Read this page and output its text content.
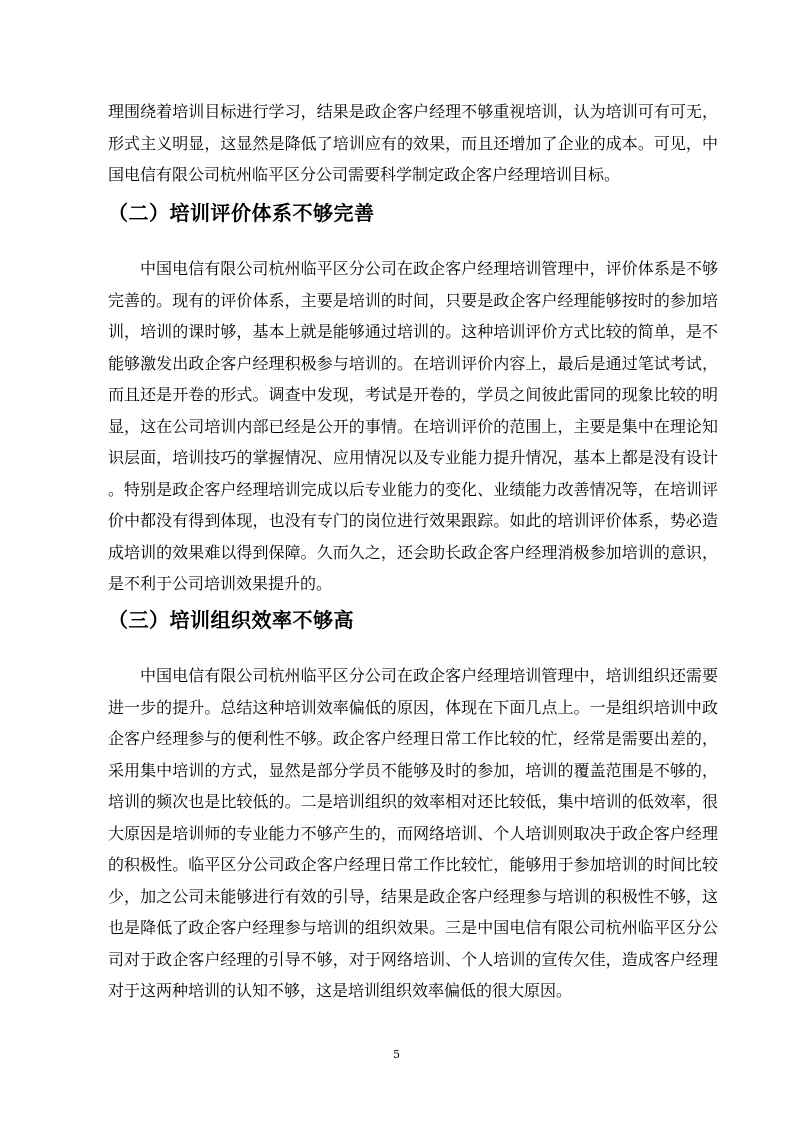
理围绕着培训目标进行学习，结果是政企客户经理不够重视培训，认为培训可有可无，形式主义明显，这显然是降低了培训应有的效果，而且还增加了企业的成本。可见，中国电信有限公司杭州临平区分公司需要科学制定政企客户经理培训目标。

（二）培训评价体系不够完善

中国电信有限公司杭州临平区分公司在政企客户经理培训管理中，评价体系是不够完善的。现有的评价体系，主要是培训的时间，只要是政企客户经理能够按时的参加培训，培训的课时够，基本上就是能够通过培训的。这种培训评价方式比较的简单，是不能够激发出政企客户经理积极参与培训的。在培训评价内容上，最后是通过笔试考试，而且还是开卷的形式。调查中发现，考试是开卷的，学员之间彼此雷同的现象比较的明显，这在公司培训内部已经是公开的事情。在培训评价的范围上，主要是集中在理论知识层面，培训技巧的掌握情况、应用情况以及专业能力提升情况，基本上都是没有设计。特别是政企客户经理培训完成以后专业能力的变化、业绩能力改善情况等，在培训评价中都没有得到体现，也没有专门的岗位进行效果跟踪。如此的培训评价体系，势必造成培训的效果难以得到保障。久而久之，还会助长政企客户经理消极参加培训的意识，是不利于公司培训效果提升的。

（三）培训组织效率不够高

中国电信有限公司杭州临平区分公司在政企客户经理培训管理中，培训组织还需要进一步的提升。总结这种培训效率偏低的原因，体现在下面几点上。一是组织培训中政企客户经理参与的便利性不够。政企客户经理日常工作比较的忙，经常是需要出差的，采用集中培训的方式，显然是部分学员不能够及时的参加，培训的覆盖范围是不够的，培训的频次也是比较低的。二是培训组织的效率相对还比较低，集中培训的低效率，很大原因是培训师的专业能力不够产生的，而网络培训、个人培训则取决于政企客户经理的积极性。临平区分公司政企客户经理日常工作比较忙，能够用于参加培训的时间比较少，加之公司未能够进行有效的引导，结果是政企客户经理参与培训的积极性不够，这也是降低了政企客户经理参与培训的组织效果。三是中国电信有限公司杭州临平区分公司对于政企客户经理的引导不够，对于网络培训、个人培训的宣传欠佳，造成客户经理对于这两种培训的认知不够，这是培训组织效率偏低的很大原因。

5
